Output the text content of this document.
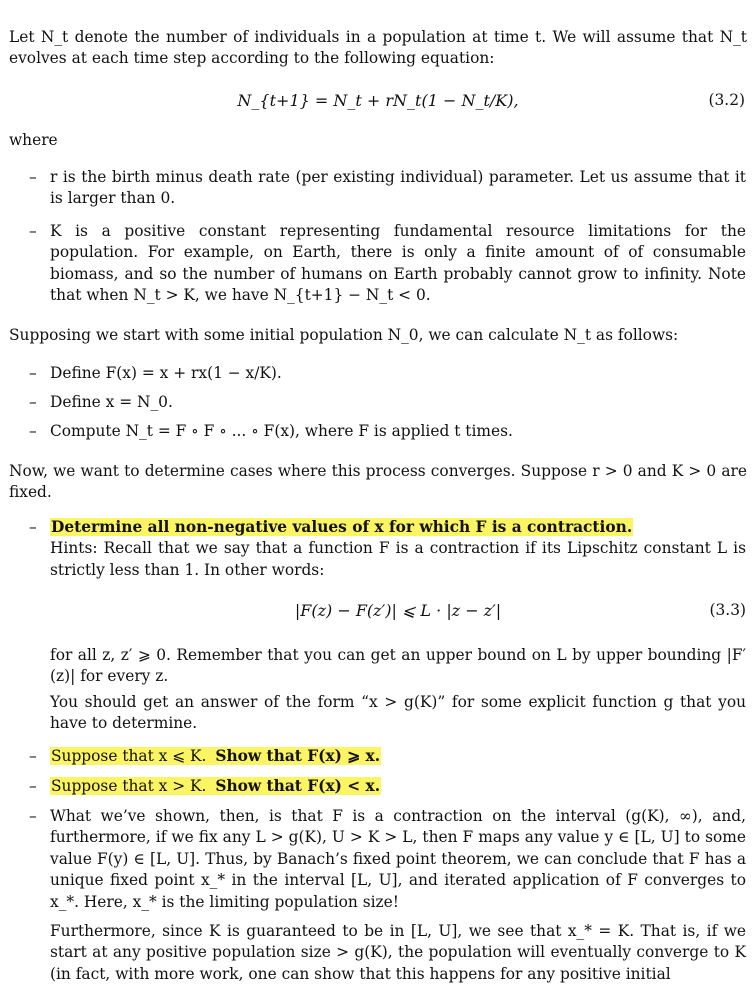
Let N_t denote the number of individuals in a population at time t. We will assume that N_t evolves at each time step according to the following equation:

N_{t+1} = N_t + rN_t(1 − N_t/K),	(3.2)

where

– r is the birth minus death rate (per existing individual) parameter. Let us assume that it is larger than 0.

– K is a positive constant representing fundamental resource limitations for the population. For example, on Earth, there is only a finite amount of of consumable biomass, and so the number of humans on Earth probably cannot grow to infinity. Note that when N_t > K, we have N_{t+1} − N_t < 0.

Supposing we start with some initial population N_0, we can calculate N_t as follows:

– Define F(x) = x + rx(1 − x/K).

– Define x = N_0.

– Compute N_t = F ∘ F ∘ ... ∘ F(x), where F is applied t times.

Now, we want to determine cases where this process converges. Suppose r > 0 and K > 0 are fixed.

– Determine all non-negative values of x for which F is a contraction.
Hints: Recall that we say that a function F is a contraction if its Lipschitz constant L is strictly less than 1. In other words:
|F(z) − F(z′)| ⩽ L · |z − z′|	(3.3)

for all z, z′ ⩾ 0. Remember that you can get an upper bound on L by upper bounding |F′(z)| for every z.

You should get an answer of the form “x > g(K)” for some explicit function g that you have to determine.

– Suppose that x ⩽ K. Show that F(x) ⩾ x.

– Suppose that x > K. Show that F(x) < x.

– What we’ve shown, then, is that F is a contraction on the interval (g(K), ∞), and, furthermore, if we fix any L > g(K), U > K > L, then F maps any value y ∈ [L, U] to some value F(y) ∈ [L, U]. Thus, by Banach’s fixed point theorem, we can conclude that F has a unique fixed point x_* in the interval [L, U], and iterated application of F converges to x_*. Here, x_* is the limiting population size!

Furthermore, since K is guaranteed to be in [L, U], we see that x_* = K. That is, if we start at any positive population size > g(K), the population will eventually converge to K (in fact, with more work, one can show that this happens for any positive initial
